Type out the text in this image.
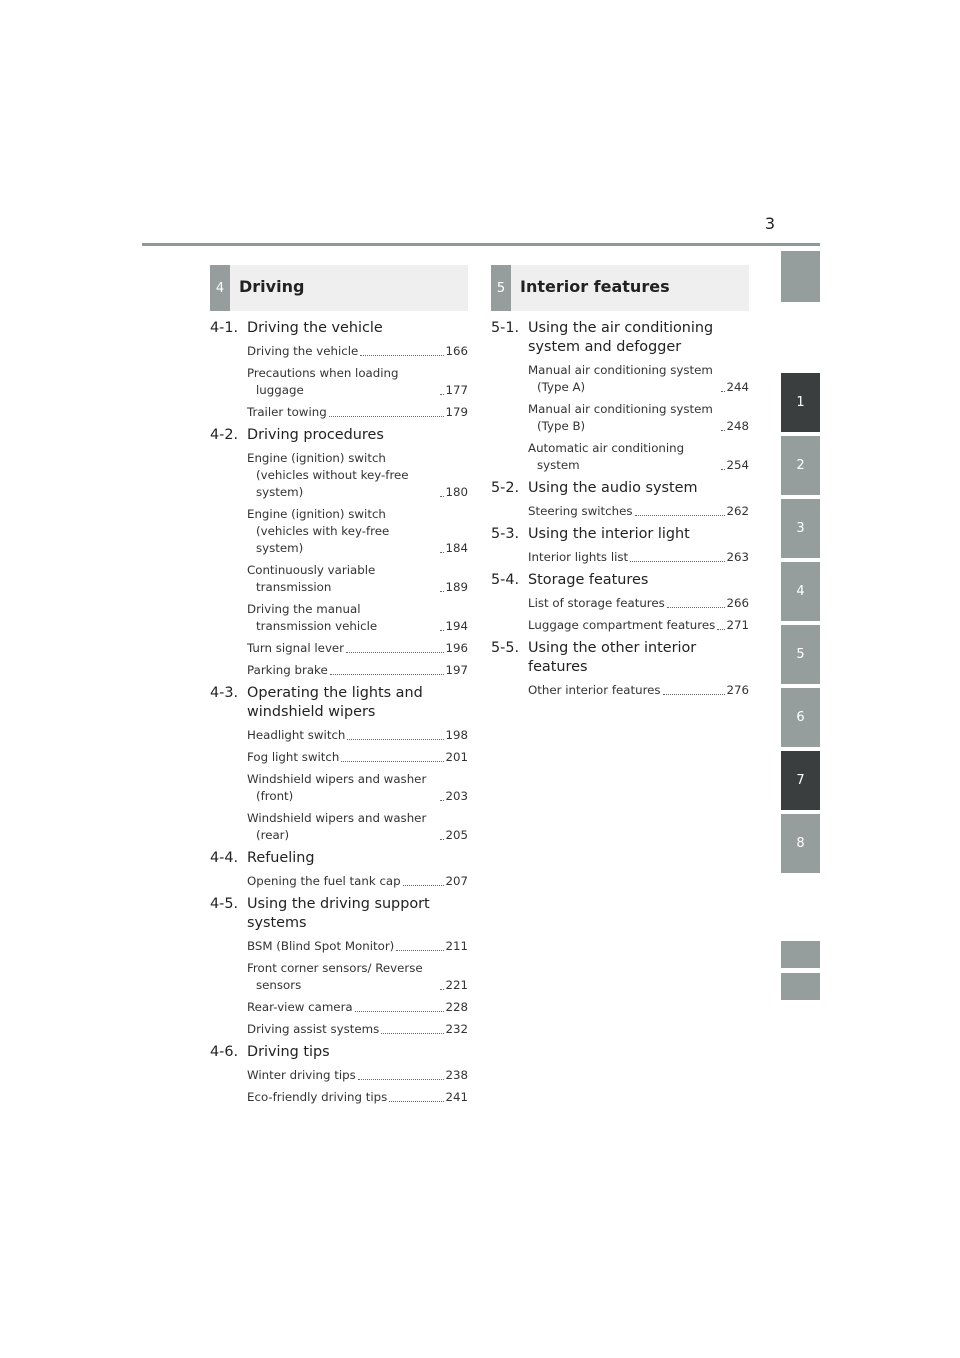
3
4 Driving
4-1. Driving the vehicle
Driving the vehicle	166
Precautions when loading luggage	177
Trailer towing	179
4-2. Driving procedures
Engine (ignition) switch (vehicles without key-free system)	180
Engine (ignition) switch (vehicles with key-free system)	184
Continuously variable transmission	189
Driving the manual transmission vehicle	194
Turn signal lever	196
Parking brake	197
4-3. Operating the lights and windshield wipers
Headlight switch	198
Fog light switch	201
Windshield wipers and washer (front)	203
Windshield wipers and washer (rear)	205
4-4. Refueling
Opening the fuel tank cap	207
4-5. Using the driving support systems
BSM (Blind Spot Monitor)	211
Front corner sensors/ Reverse sensors	221
Rear-view camera	228
Driving assist systems	232
4-6. Driving tips
Winter driving tips	238
Eco-friendly driving tips	241
5 Interior features
5-1. Using the air conditioning system and defogger
Manual air conditioning system (Type A)	244
Manual air conditioning system (Type B)	248
Automatic air conditioning system	254
5-2. Using the audio system
Steering switches	262
5-3. Using the interior light
Interior lights list	263
5-4. Storage features
List of storage features	266
Luggage compartment features 271
5-5. Using the other interior features
Other interior features	276
1
2
3
4
5
6
7
8
